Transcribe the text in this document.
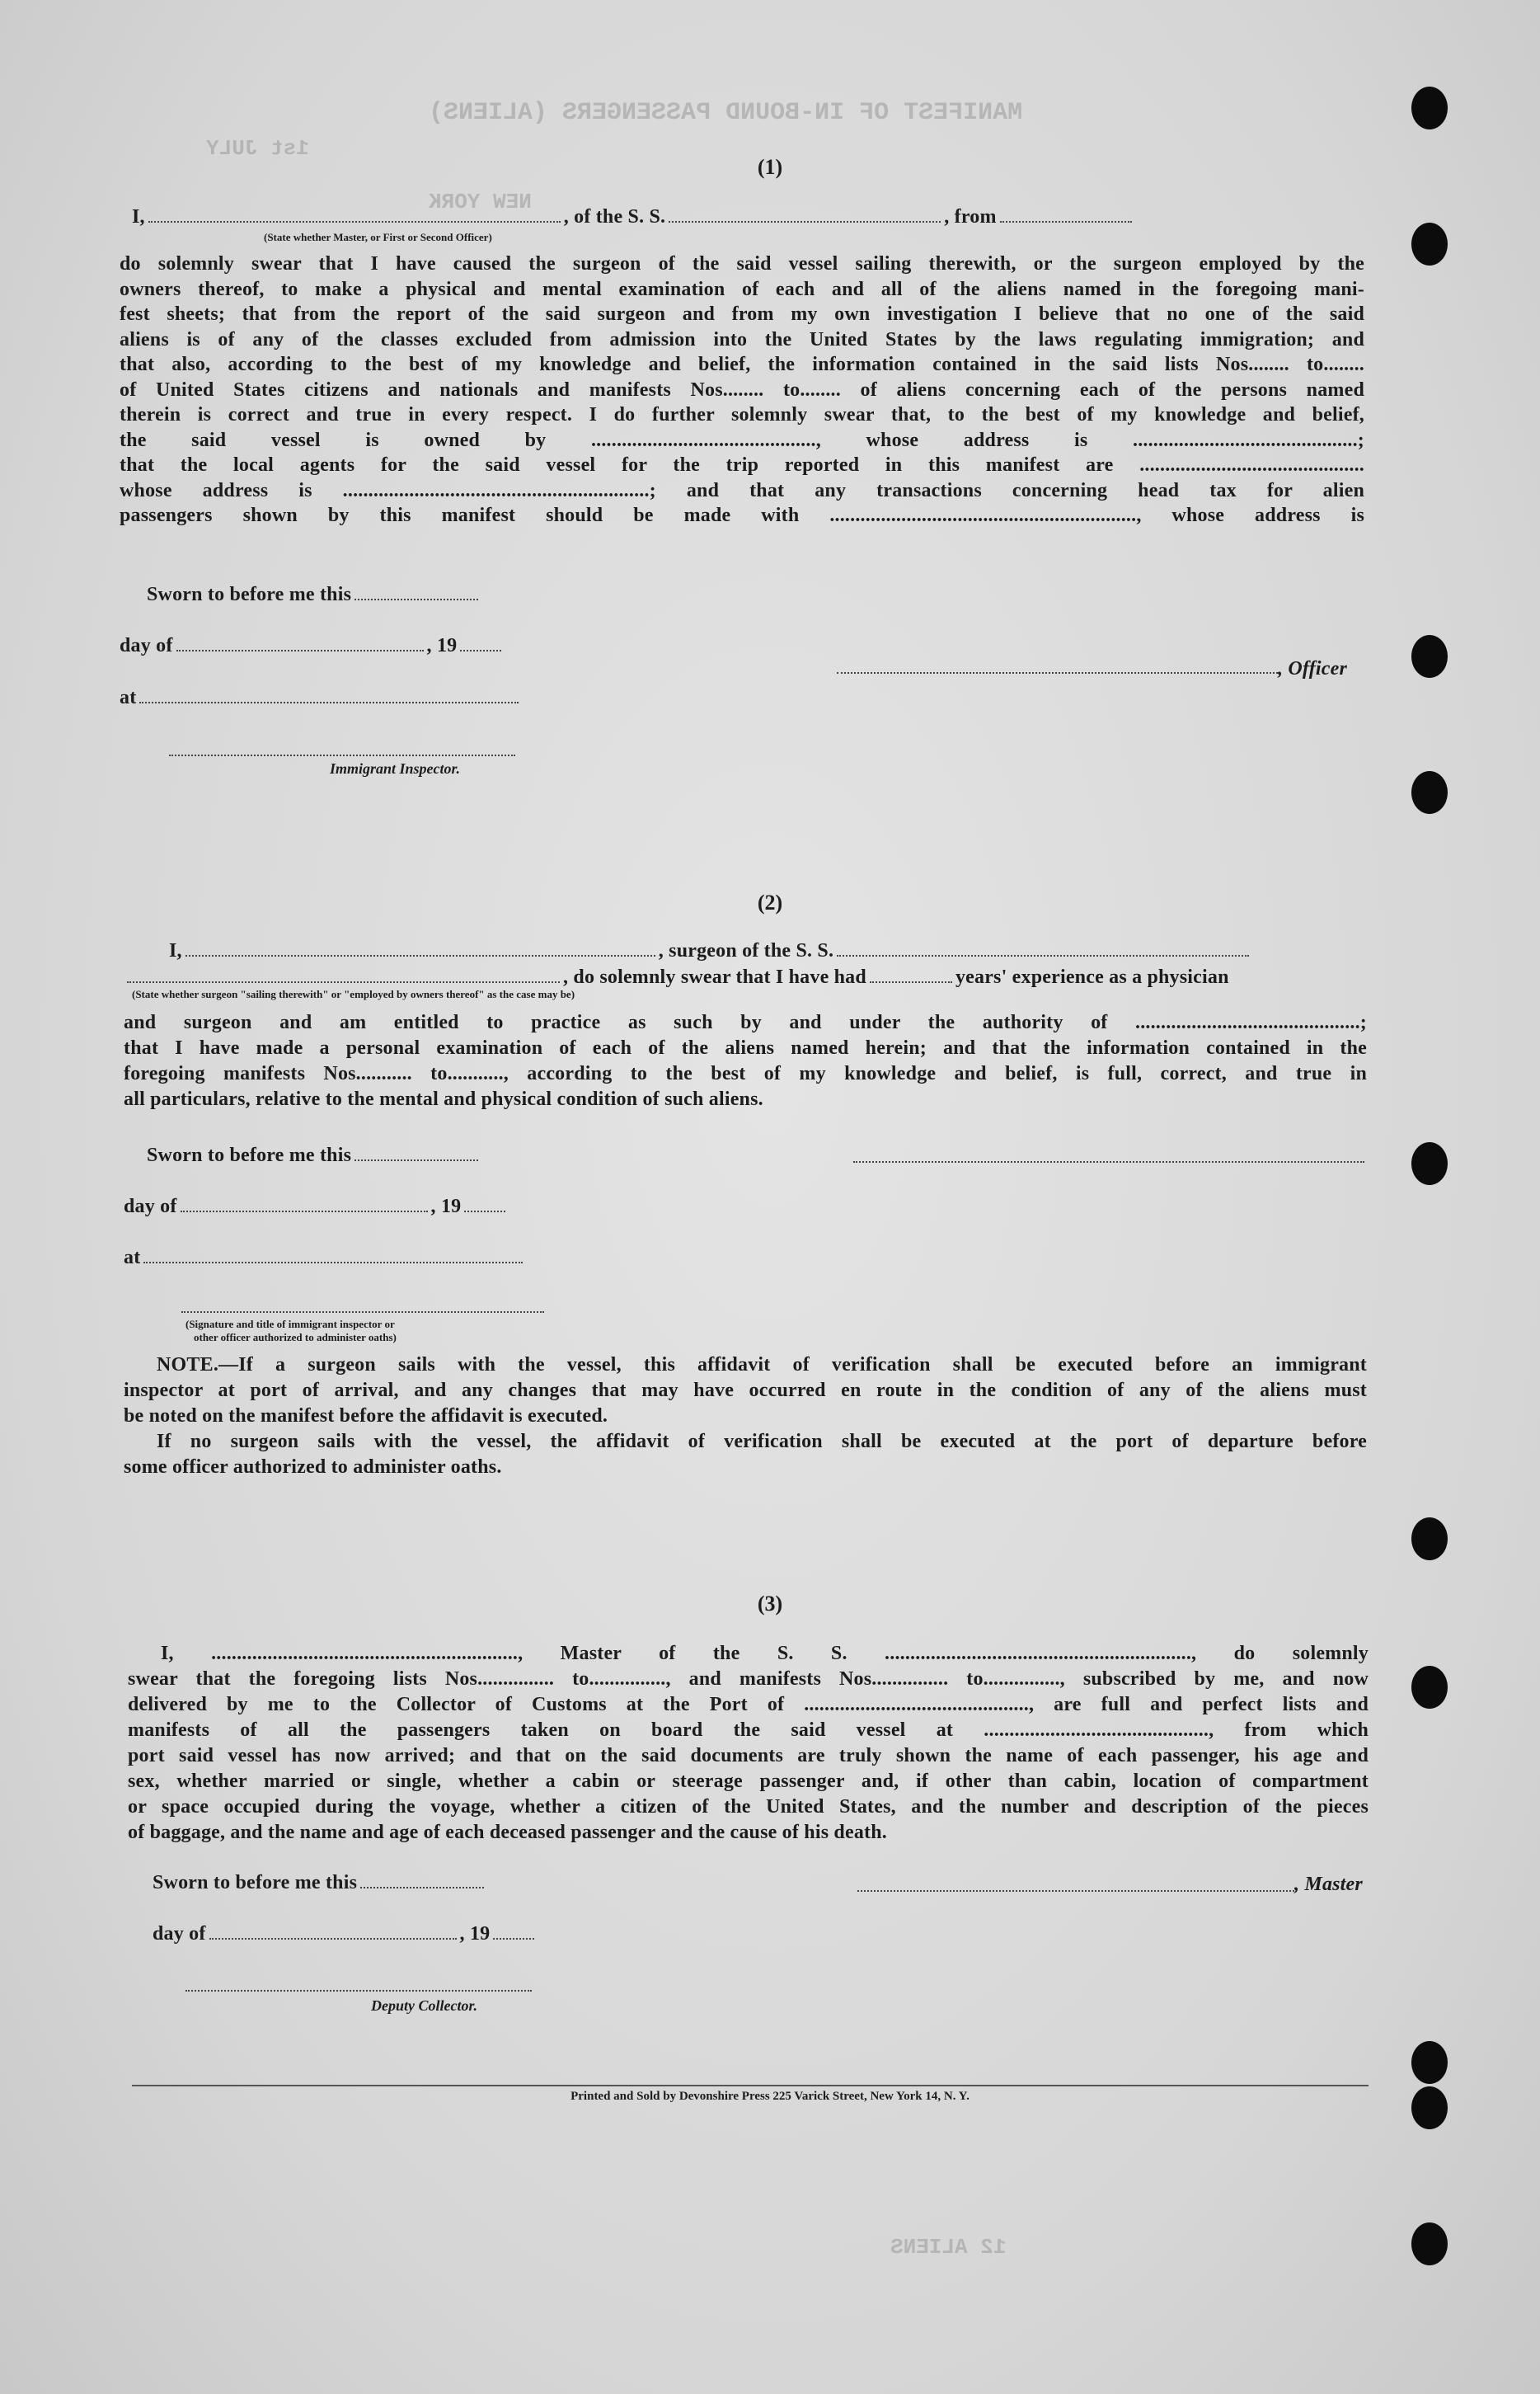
MANIFEST OF IN-BOUND PASSENGERS (ALIENS)
1st JULY
NEW YORK
12 ALIENS
(1)
I,	, of the S. S.	, from
(State whether Master, or First or Second Officer)
do solemnly swear that I have caused the surgeon of the said vessel sailing therewith, or the surgeon employed by the
owners thereof, to make a physical and mental examination of each and all of the aliens named in the foregoing mani-
fest sheets; that from the report of the said surgeon and from my own investigation I believe that no one of the said
aliens is of any of the classes excluded from admission into the United States by the laws regulating immigration; and
that also, according to the best of my knowledge and belief, the information contained in the said lists Nos........ to........
of United States citizens and nationals and manifests Nos........ to........ of aliens concerning each of the persons named
therein is correct and true in every respect. I do further solemnly swear that, to the best of my knowledge and belief,
the said vessel is owned by ............................................, whose address is ............................................;
that the local agents for the said vessel for the trip reported in this manifest are ............................................
whose address is ............................................................; and that any transactions concerning head tax for alien
passengers shown by this manifest should be made with ............................................................, whose address is
Sworn to before me this
day of	, 19
at
, Officer
Immigrant Inspector.
(2)
I,	, surgeon of the S. S.
, do solemnly swear that I have had	years' experience as a physician
(State whether surgeon "sailing therewith" or "employed by owners thereof" as the case may be)
and surgeon and am entitled to practice as such by and under the authority of ............................................;
that I have made a personal examination of each of the aliens named herein; and that the information contained in the
foregoing manifests Nos........... to..........., according to the best of my knowledge and belief, is full, correct, and true in
all particulars, relative to the mental and physical condition of such aliens.
Sworn to before me this
day of	, 19
at
(Signature and title of immigrant inspector or
other officer authorized to administer oaths)
NOTE.—If a surgeon sails with the vessel, this affidavit of verification shall be executed before an immigrant
inspector at port of arrival, and any changes that may have occurred en route in the condition of any of the aliens must
be noted on the manifest before the affidavit is executed.
If no surgeon sails with the vessel, the affidavit of verification shall be executed at the port of departure before
some officer authorized to administer oaths.
(3)
I, ............................................................, Master of the S. S. ............................................................, do solemnly
swear that the foregoing lists Nos............... to..............., and manifests Nos............... to..............., subscribed by me, and now
delivered by me to the Collector of Customs at the Port of ............................................, are full and perfect lists and
manifests of all the passengers taken on board the said vessel at ............................................, from which
port said vessel has now arrived; and that on the said documents are truly shown the name of each passenger, his age and
sex, whether married or single, whether a cabin or steerage passenger and, if other than cabin, location of compartment
or space occupied during the voyage, whether a citizen of the United States, and the number and description of the pieces
of baggage, and the name and age of each deceased passenger and the cause of his death.
Sworn to before me this	, Master
day of	, 19
Deputy Collector.
Printed and Sold by Devonshire Press 225 Varick Street, New York 14, N. Y.
